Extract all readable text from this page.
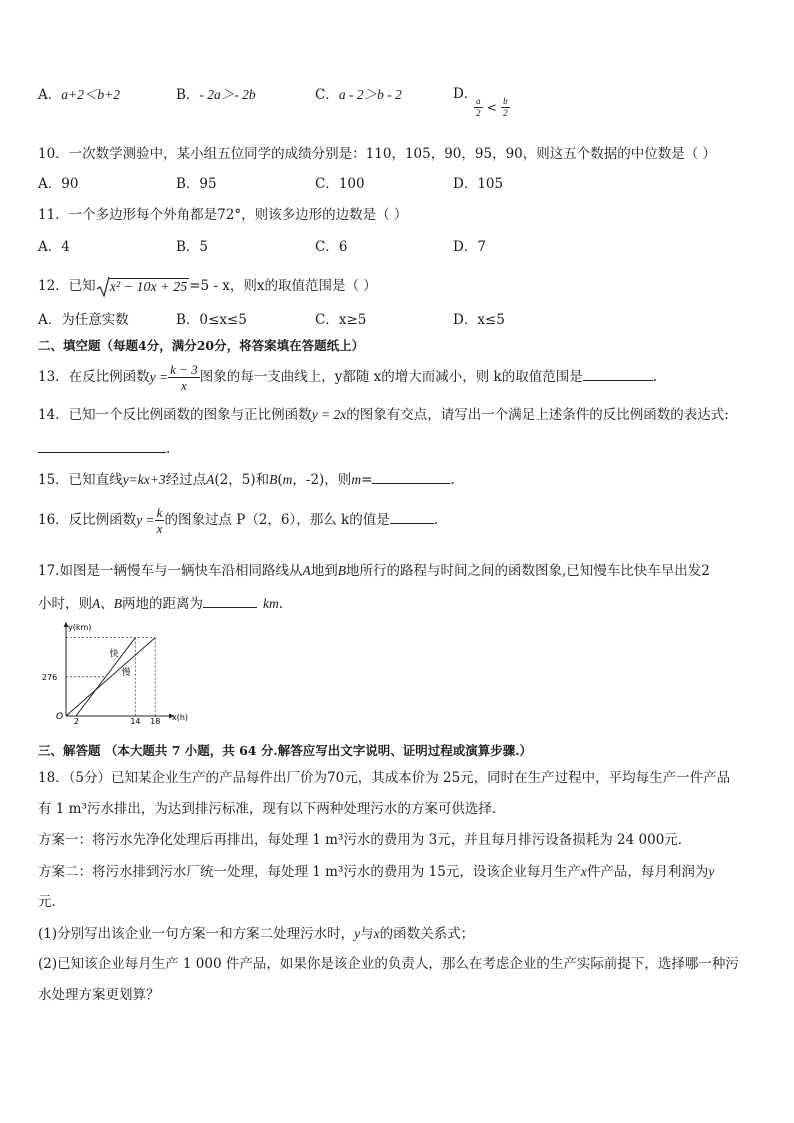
A．a+2＜b+2	B．- 2a＞- 2b	C．a - 2＞b - 2	D．
$\frac{a}{2} < \frac{b}{2}$
10．一次数学测验中，某小组五位同学的成绩分别是：110，105，90，95，90，则这五个数据的中位数是（ ）
A．90	B．95	C．100	D．105
11．一个多边形每个外角都是72°，则该多边形的边数是（ ）
A．4	B．5	C．6	D．7
12．已知 x² − 10x + 25 =5 - x，则x的取值范围是（ ）
A．为任意实数	B．0≤x≤5	C．x≥5	D．x≤5
二、填空题（每题4分，满分20分，将答案填在答题纸上）
13．在反比例函数$y = \frac{k - 3}{x}$ 图象的每一支曲线上，y都随 x的增大而减小，则 k的取值范围是	.
14．已知一个反比例函数的图象与正比例函数y = 2x的图象有交点，请写出一个满足上述条件的反比例函数的表达式:
.
15．已知直线y=kx+3经过点A(2，5)和B(m，-2)，则m=	.
16．反比例函数$y = \frac{k}{x}$ 的图象过点 P（2，6），那么 k的值是	.
17.如图是一辆慢车与一辆快车沿相同路线从A地到B地所行的路程与时间之间的函数图象,已知慢车比快车早出发2
小时，则A、B两地的距离为	km.
y(km)
x(h)
O
快
慢
276
2	14 18
三、解答题 （本大题共 7 小题，共 64 分.解答应写出文字说明、证明过程或演算步骤.）
18．（5分）已知某企业生产的产品每件出厂价为70元，其成本价为 25元，同时在生产过程中，平均每生产一件产品
有 1 m³污水排出，为达到排污标准，现有以下两种处理污水的方案可供选择．
方案一：将污水先净化处理后再排出，每处理 1 m³污水的费用为 3元，并且每月排污设备损耗为 24 000元．
方案二：将污水排到污水厂统一处理，每处理 1 m³污水的费用为 15元，设该企业每月生产x件产品，每月利润为y
元．
(1)分别写出该企业一句方案一和方案二处理污水时，y与x的函数关系式；
(2)已知该企业每月生产 1 000 件产品，如果你是该企业的负责人，那么在考虑企业的生产实际前提下，选择哪一种污
水处理方案更划算？
